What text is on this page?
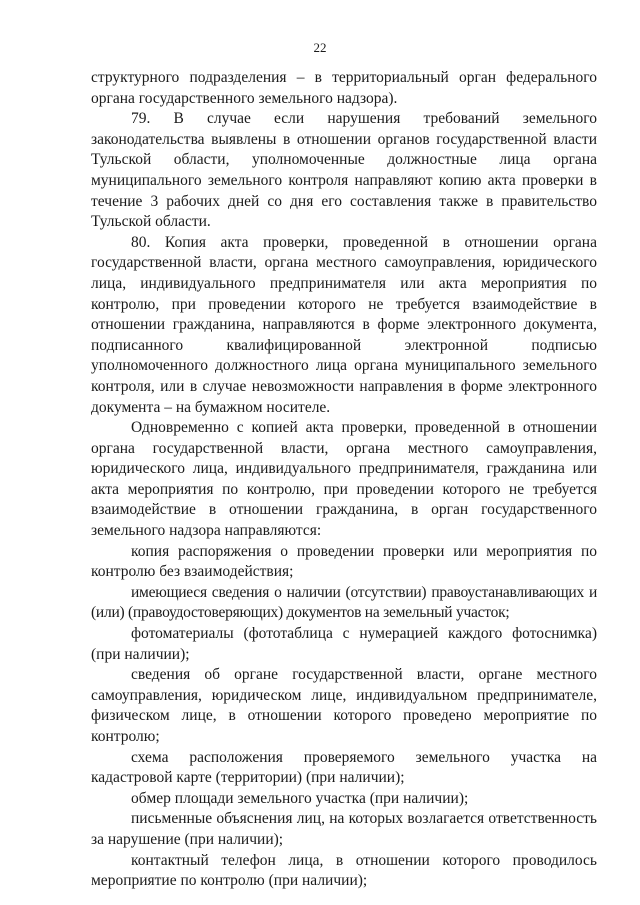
22

структурного подразделения – в территориальный орган федерального органа государственного земельного надзора).

79. В случае если нарушения требований земельного законодательства выявлены в отношении органов государственной власти Тульской области, уполномоченные должностные лица органа муниципального земельного контроля направляют копию акта проверки в течение 3 рабочих дней со дня его составления также в правительство Тульской области.

80. Копия акта проверки, проведенной в отношении органа государственной власти, органа местного самоуправления, юридического лица, индивидуального предпринимателя или акта мероприятия по контролю, при проведении которого не требуется взаимодействие в отношении гражданина, направляются в форме электронного документа, подписанного квалифицированной электронной подписью уполномоченного должностного лица органа муниципального земельного контроля, или в случае невозможности направления в форме электронного документа – на бумажном носителе.

Одновременно с копией акта проверки, проведенной в отношении органа государственной власти, органа местного самоуправления, юридического лица, индивидуального предпринимателя, гражданина или акта мероприятия по контролю, при проведении которого не требуется взаимодействие в отношении гражданина, в орган государственного земельного надзора направляются:

копия распоряжения о проведении проверки или мероприятия по контролю без взаимодействия;

имеющиеся сведения о наличии (отсутствии) правоустанавливающих и (или) (правоудостоверяющих) документов на земельный участок;

фотоматериалы (фототаблица с нумерацией каждого фотоснимка) (при наличии);

сведения об органе государственной власти, органе местного самоуправления, юридическом лице, индивидуальном предпринимателе, физическом лице, в отношении которого проведено мероприятие по контролю;

схема расположения проверяемого земельного участка на кадастровой карте (территории) (при наличии);

обмер площади земельного участка (при наличии);

письменные объяснения лиц, на которых возлагается ответственность за нарушение (при наличии);

контактный телефон лица, в отношении которого проводилось мероприятие по контролю (при наличии);
